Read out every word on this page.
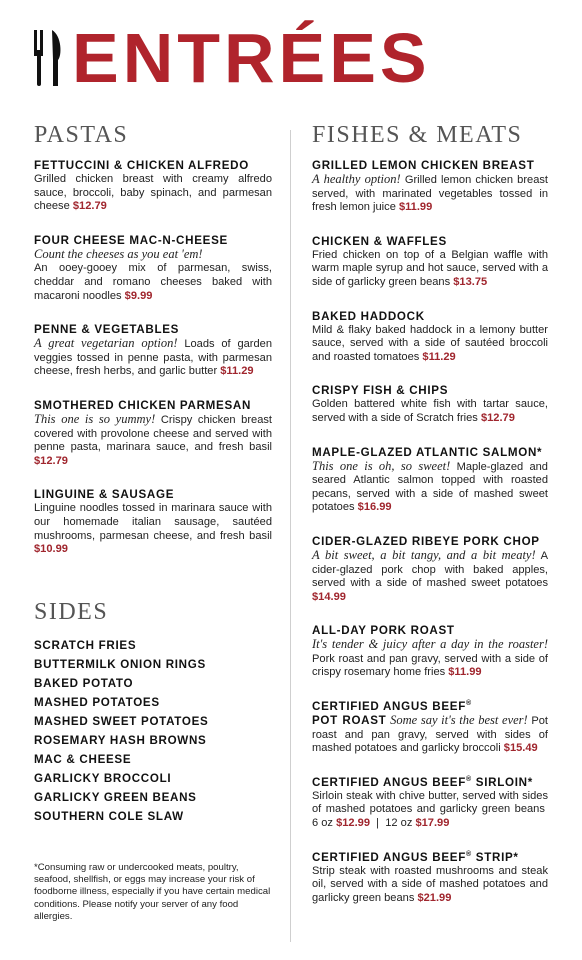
ENTRÉES
PASTAS
FETTUCCINI & CHICKEN ALFREDO
Grilled chicken breast with creamy alfredo sauce, broccoli, baby spinach, and parmesan cheese $12.79
FOUR CHEESE MAC-N-CHEESE
Count the cheeses as you eat 'em!
An ooey-gooey mix of parmesan, swiss, cheddar and romano cheeses baked with macaroni noodles $9.99
PENNE & VEGETABLES
A great vegetarian option! Loads of garden veggies tossed in penne pasta, with parmesan cheese, fresh herbs, and garlic butter $11.29
SMOTHERED CHICKEN PARMESAN
This one is so yummy! Crispy chicken breast covered with provolone cheese and served with penne pasta, marinara sauce, and fresh basil $12.79
LINGUINE & SAUSAGE
Linguine noodles tossed in marinara sauce with our homemade italian sausage, sautéed mushrooms, parmesan cheese, and fresh basil $10.99
SIDES
SCRATCH FRIES
BUTTERMILK ONION RINGS
BAKED POTATO
MASHED POTATOES
MASHED SWEET POTATOES
ROSEMARY HASH BROWNS
MAC & CHEESE
GARLICKY BROCCOLI
GARLICKY GREEN BEANS
SOUTHERN COLE SLAW
*Consuming raw or undercooked meats, poultry, seafood, shellfish, or eggs may increase your risk of foodborne illness, especially if you have certain medical conditions. Please notify your server of any food allergies.
FISHES & MEATS
GRILLED LEMON CHICKEN BREAST
A healthy option! Grilled lemon chicken breast served, with marinated vegetables tossed in fresh lemon juice $11.99
CHICKEN & WAFFLES
Fried chicken on top of a Belgian waffle with warm maple syrup and hot sauce, served with a side of garlicky green beans $13.75
BAKED HADDOCK
Mild & flaky baked haddock in a lemony butter sauce, served with a side of sautéed broccoli and roasted tomatoes $11.29
CRISPY FISH & CHIPS
Golden battered white fish with tartar sauce, served with a side of Scratch fries $12.79
MAPLE-GLAZED ATLANTIC SALMON*
This one is oh, so sweet! Maple-glazed and seared Atlantic salmon topped with roasted pecans, served with a side of mashed sweet potatoes $16.99
CIDER-GLAZED RIBEYE PORK CHOP
A bit sweet, a bit tangy, and a bit meaty! A cider-glazed pork chop with baked apples, served with a side of mashed sweet potatoes $14.99
ALL-DAY PORK ROAST
It's tender & juicy after a day in the roaster! Pork roast and pan gravy, served with a side of crispy rosemary home fries $11.99
CERTIFIED ANGUS BEEF®
POT ROAST Some say it's the best ever! Pot roast and pan gravy, served with sides of mashed potatoes and garlicky broccoli $15.49
CERTIFIED ANGUS BEEF® SIRLOIN*
Sirloin steak with chive butter, served with sides of mashed potatoes and garlicky green beans  6 oz $12.99 | 12 oz $17.99
CERTIFIED ANGUS BEEF® STRIP*
Strip steak with roasted mushrooms and steak oil, served with a side of mashed potatoes and garlicky green beans $21.99
